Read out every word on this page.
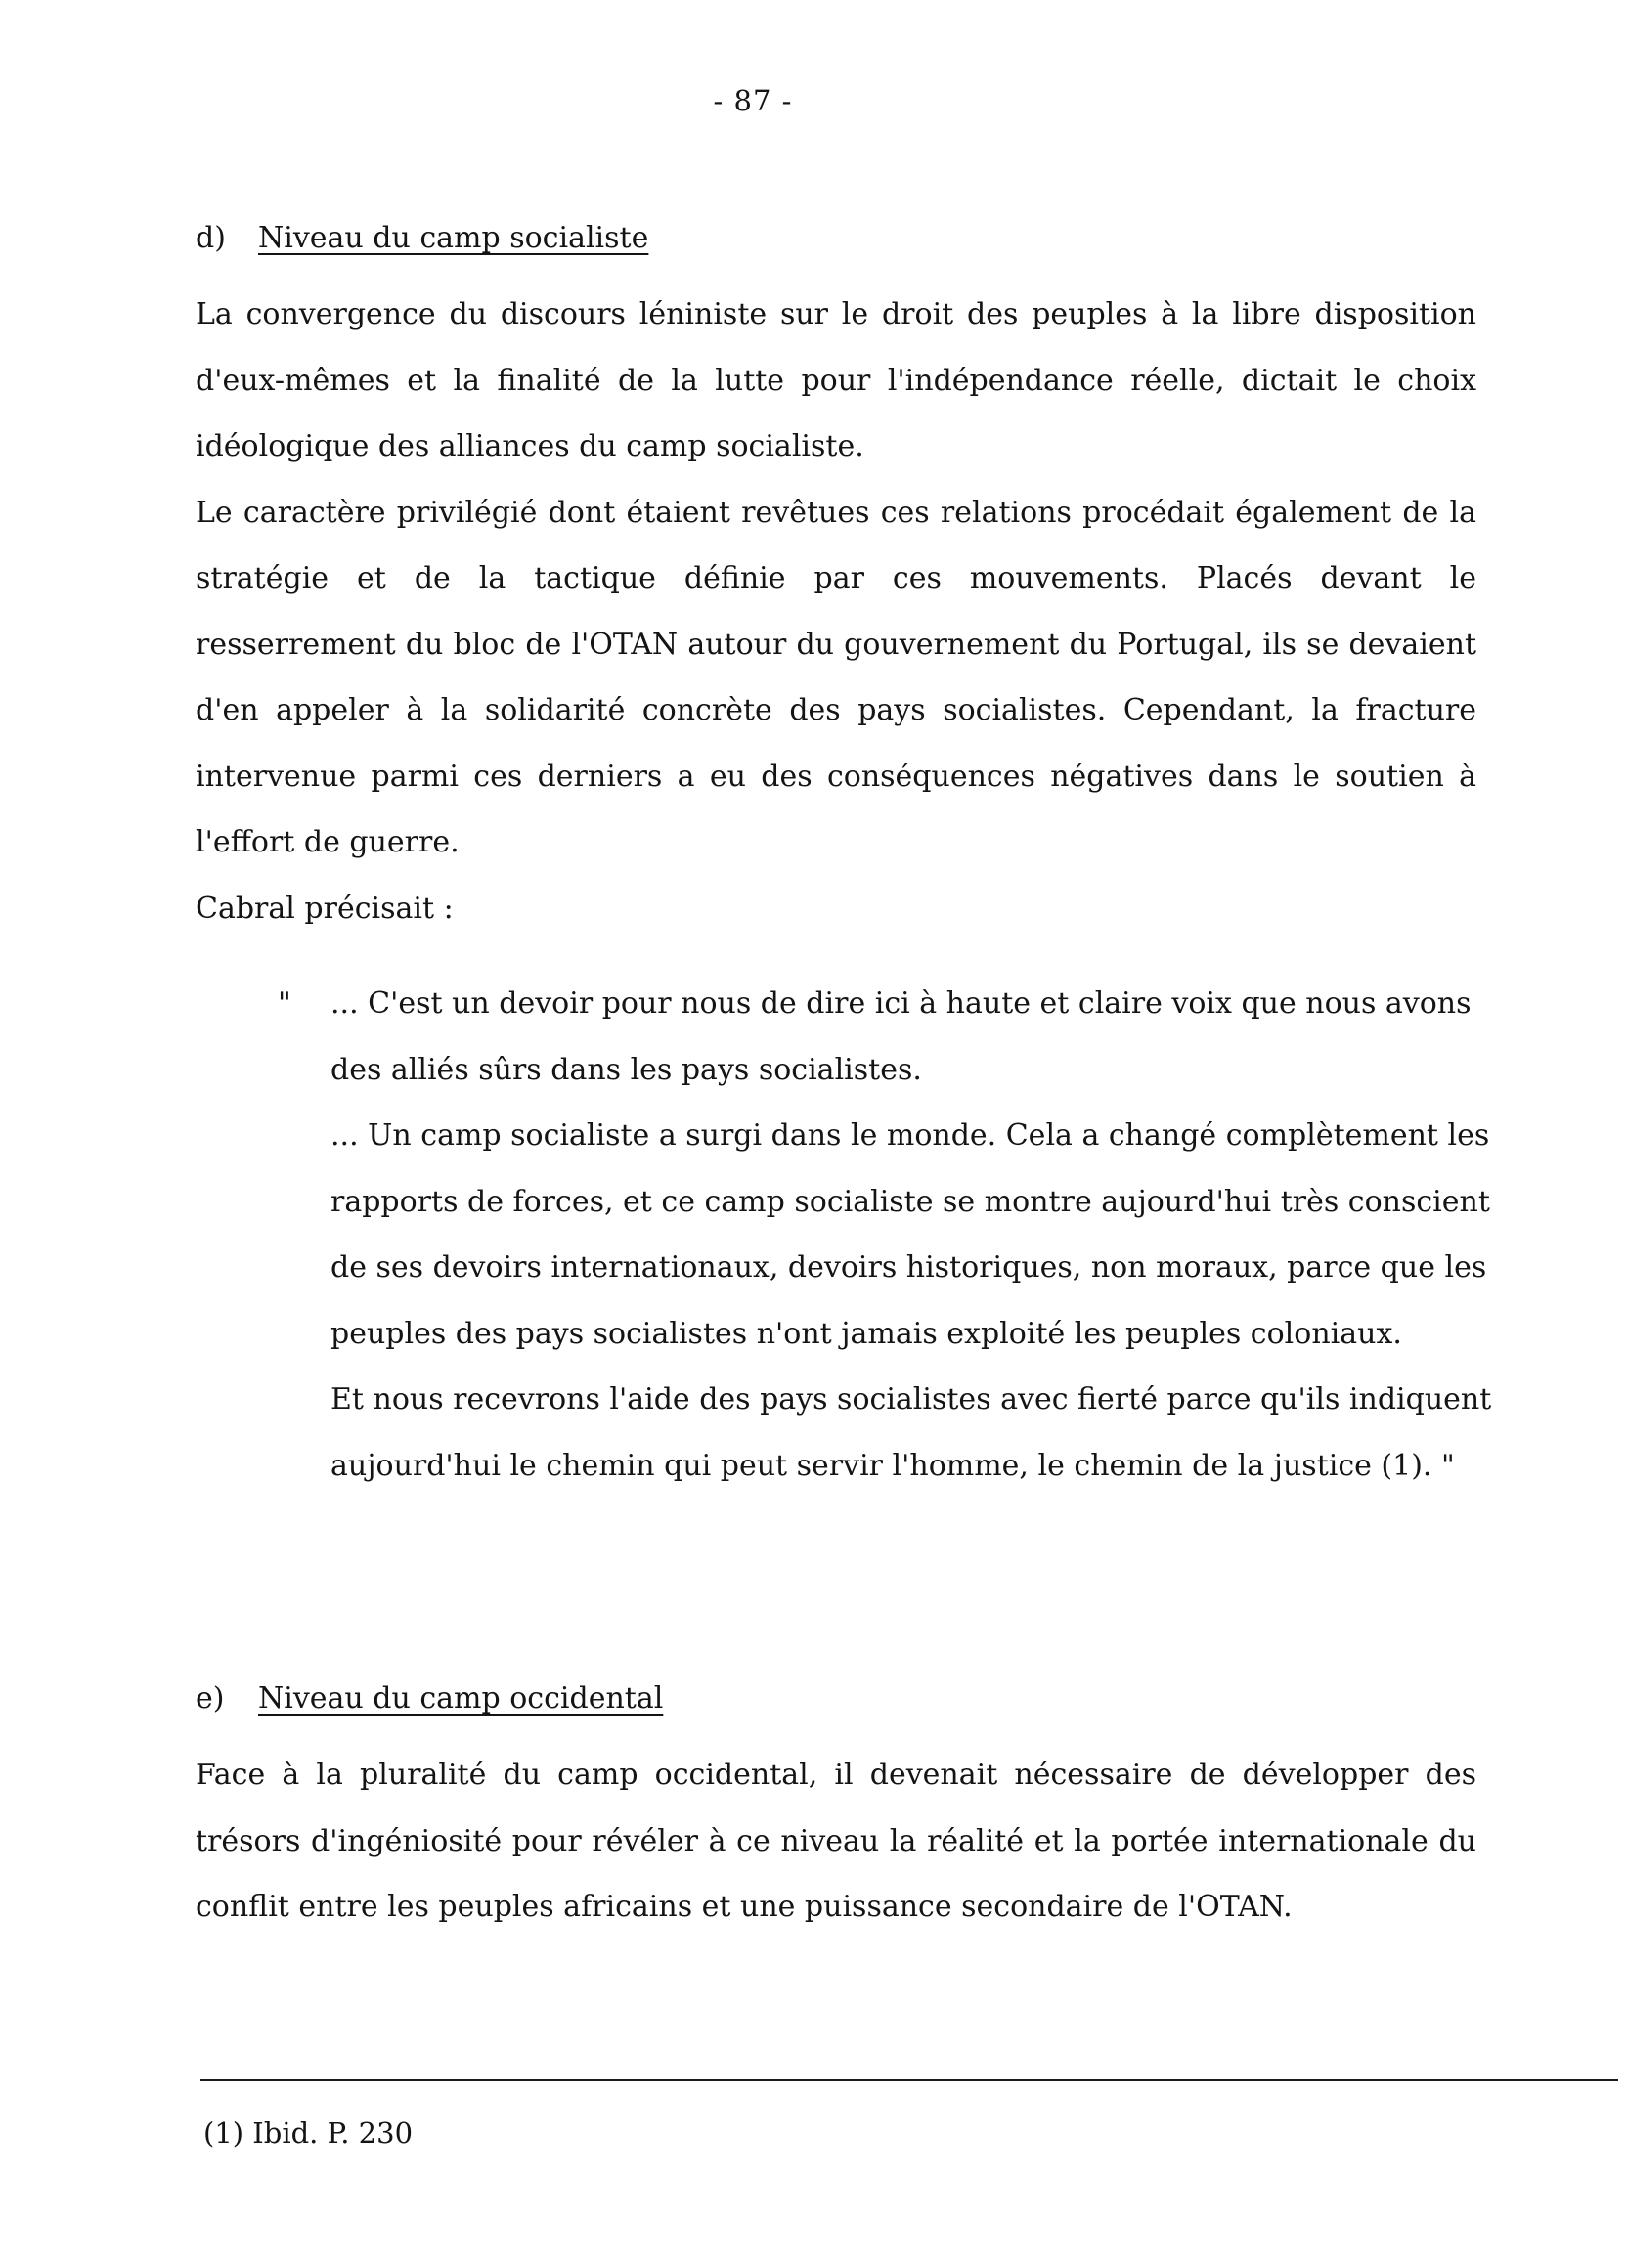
- 87 -
d) Niveau du camp socialiste

La convergence du discours léniniste sur le droit des peuples à la libre disposition d'eux-mêmes et la finalité de la lutte pour l'indépendance réelle, dictait le choix idéologique des alliances du camp socialiste.

Le caractère privilégié dont étaient revêtues ces relations procédait également de la stratégie et de la tactique définie par ces mouvements. Placés devant le resserrement du bloc de l'OTAN autour du gouvernement du Portugal, ils se devaient d'en appeler à la solidarité concrète des pays socialistes. Cependant, la fracture intervenue parmi ces derniers a eu des conséquences négatives dans le soutien à l'effort de guerre.

Cabral précisait :

" ... C'est un devoir pour nous de dire ici à haute et claire voix que nous avons des alliés sûrs dans les pays socialistes.

... Un camp socialiste a surgi dans le monde. Cela a changé complètement les rapports de forces, et ce camp socialiste se montre aujourd'hui très conscient de ses devoirs internationaux, devoirs historiques, non moraux, parce que les peuples des pays socialistes n'ont jamais exploité les peuples coloniaux.

Et nous recevrons l'aide des pays socialistes avec fierté parce qu'ils indiquent aujourd'hui le chemin qui peut servir l'homme, le chemin de la justice (1). "

e) Niveau du camp occidental

Face à la pluralité du camp occidental, il devenait nécessaire de développer des trésors d'ingéniosité pour révéler à ce niveau la réalité et la portée internationale du conflit entre les peuples africains et une puissance secondaire de l'OTAN.

(1) Ibid. P. 230
